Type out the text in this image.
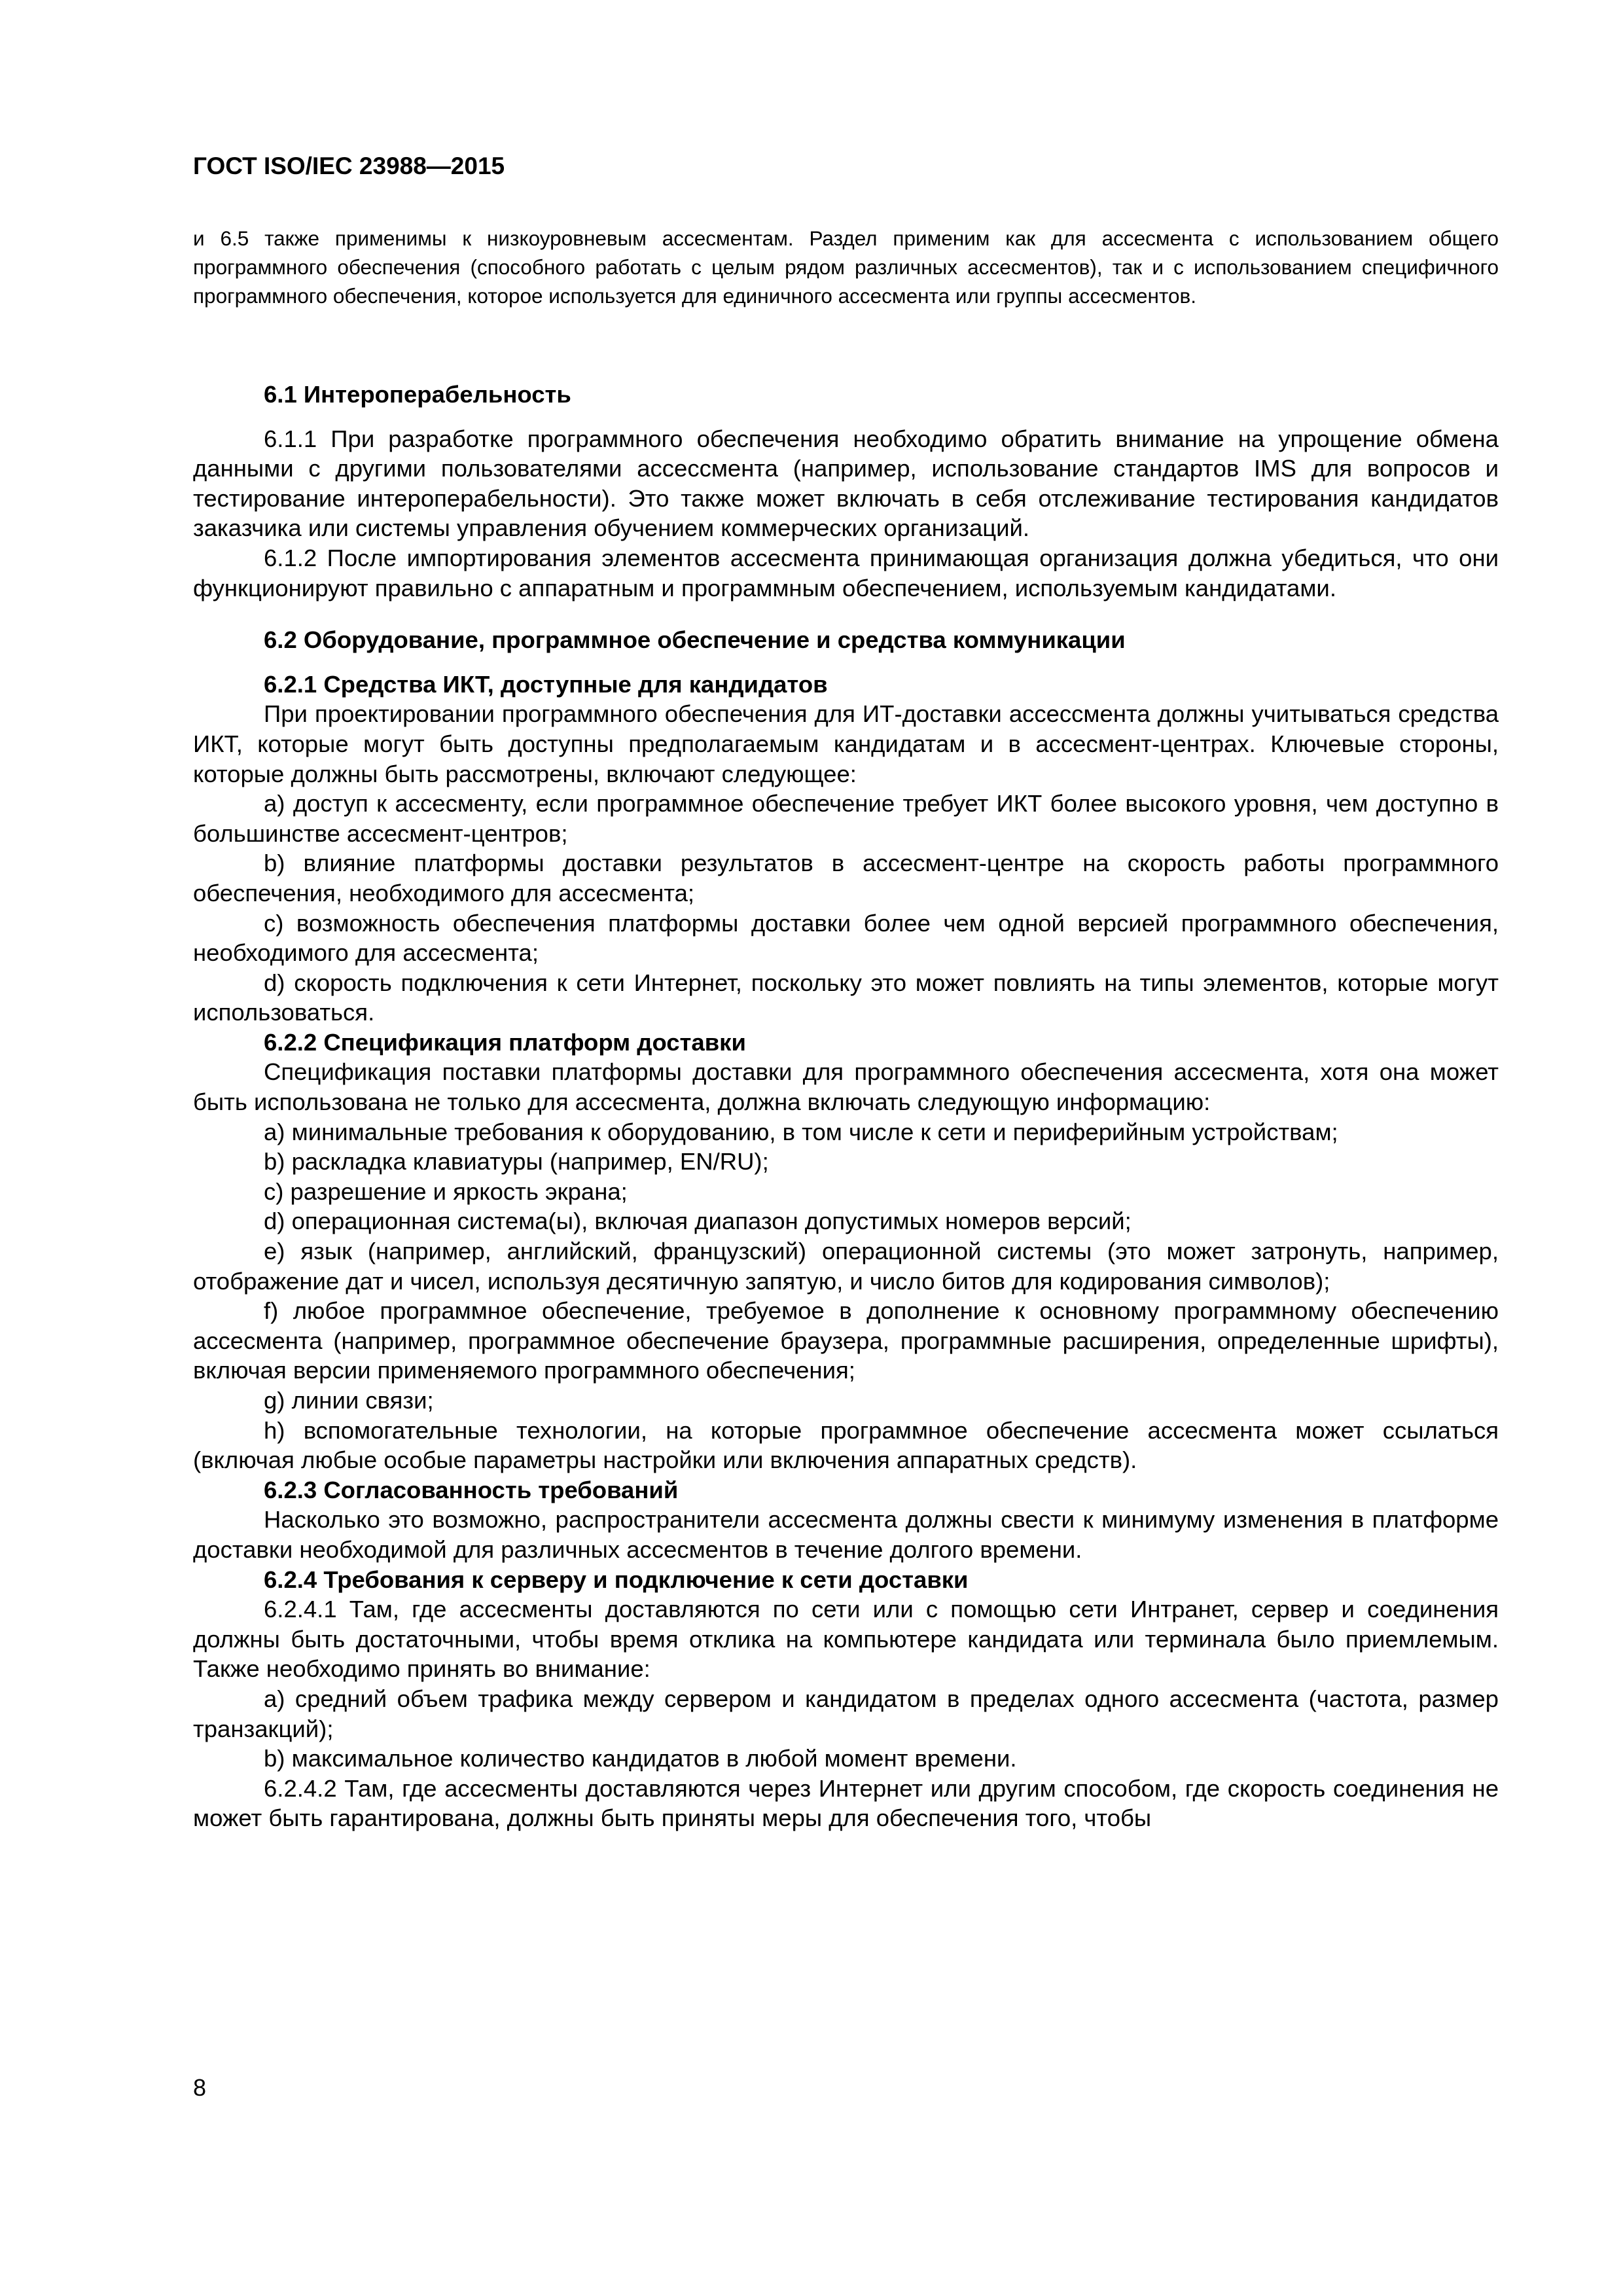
ГОСТ ISO/IEC 23988—2015

и 6.5 также применимы к низкоуровневым ассесментам. Раздел применим как для ассесмента с использованием общего программного обеспечения (способного работать с целым рядом различных ассесментов), так и с использованием специфичного программного обеспечения, которое используется для единичного ассесмента или группы ассесментов.

6.1 Интероперабельность

6.1.1 При разработке программного обеспечения необходимо обратить внимание на упрощение обмена данными с другими пользователями ассессмента (например, использование стандартов IMS для вопросов и тестирование интероперабельности). Это также может включать в себя отслеживание тестирования кандидатов заказчика или системы управления обучением коммерческих организаций.

6.1.2 После импортирования элементов ассесмента принимающая организация должна убедиться, что они функционируют правильно с аппаратным и программным обеспечением, используемым кандидатами.

6.2 Оборудование, программное обеспечение и средства коммуникации
6.2.1 Средства ИКТ, доступные для кандидатов

При проектировании программного обеспечения для ИТ-доставки ассессмента должны учитываться средства ИКТ, которые могут быть доступны предполагаемым кандидатам и в ассесмент-центрах. Ключевые стороны, которые должны быть рассмотрены, включают следующее:

а) доступ к ассесменту, если программное обеспечение требует ИКТ более высокого уровня, чем доступно в большинстве ассесмент-центров;

b) влияние платформы доставки результатов в ассесмент-центре на скорость работы программного обеспечения, необходимого для ассесмента;

с) возможность обеспечения платформы доставки более чем одной версией программного обеспечения, необходимого для ассесмента;

d) скорость подключения к сети Интернет, поскольку это может повлиять на типы элементов, которые могут использоваться.

6.2.2 Спецификация платформ доставки

Спецификация поставки платформы доставки для программного обеспечения ассесмента, хотя она может быть использована не только для ассесмента, должна включать следующую информацию:

а) минимальные требования к оборудованию, в том числе к сети и периферийным устройствам;

b) раскладка клавиатуры (например, EN/RU);

с) разрешение и яркость экрана;

d) операционная система(ы), включая диапазон допустимых номеров версий;

е) язык (например, английский, французский) операционной системы (это может затронуть, например, отображение дат и чисел, используя десятичную запятую, и число битов для кодирования символов);

f) любое программное обеспечение, требуемое в дополнение к основному программному обеспечению ассесмента (например, программное обеспечение браузера, программные расширения, определенные шрифты), включая версии применяемого программного обеспечения;

g) линии связи;

h) вспомогательные технологии, на которые программное обеспечение ассесмента может ссылаться (включая любые особые параметры настройки или включения аппаратных средств).

6.2.3 Согласованность требований

Насколько это возможно, распространители ассесмента должны свести к минимуму изменения в платформе доставки необходимой для различных ассесментов в течение долгого времени.

6.2.4 Требования к серверу и подключение к сети доставки

6.2.4.1 Там, где ассесменты доставляются по сети или с помощью сети Интранет, сервер и соединения должны быть достаточными, чтобы время отклика на компьютере кандидата или терминала было приемлемым. Также необходимо принять во внимание:

а) средний объем трафика между сервером и кандидатом в пределах одного ассесмента (частота, размер транзакций);

b) максимальное количество кандидатов в любой момент времени.

6.2.4.2 Там, где ассесменты доставляются через Интернет или другим способом, где скорость соединения не может быть гарантирована, должны быть приняты меры для обеспечения того, чтобы

8
